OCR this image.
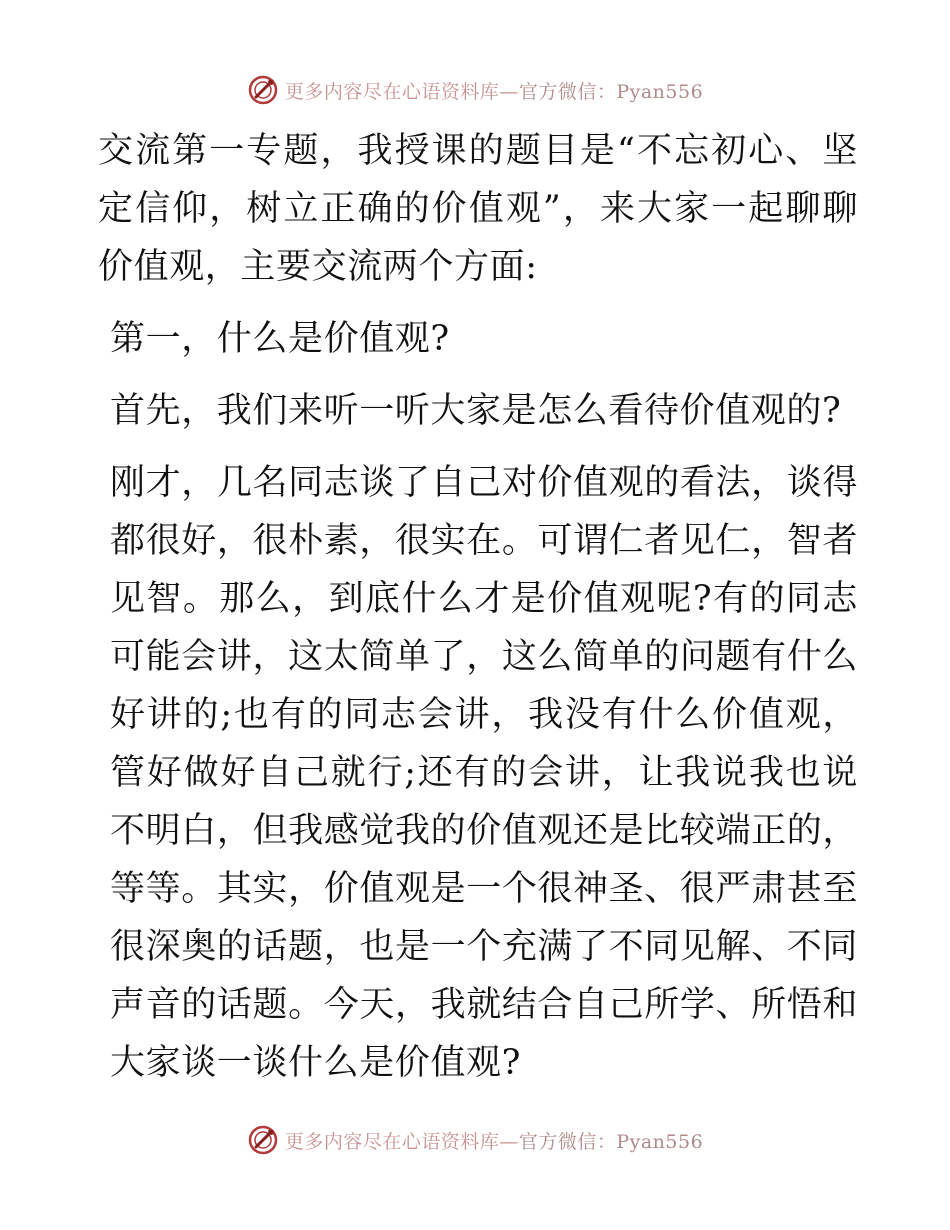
更多内容尽在心语资料库—官方微信：Pyan556

交流第一专题，我授课的题目是“不忘初心、坚定信仰，树立正确的价值观”，来大家一起聊聊价值观，主要交流两个方面:

第一，什么是价值观?

首先，我们来听一听大家是怎么看待价值观的?

刚才，几名同志谈了自己对价值观的看法，谈得都很好，很朴素，很实在。可谓仁者见仁，智者见智。那么，到底什么才是价值观呢?有的同志可能会讲，这太简单了，这么简单的问题有什么好讲的;也有的同志会讲，我没有什么价值观，管好做好自己就行;还有的会讲，让我说我也说不明白，但我感觉我的价值观还是比较端正的，等等。其实，价值观是一个很神圣、很严肃甚至很深奥的话题，也是一个充满了不同见解、不同声音的话题。今天，我就结合自己所学、所悟和大家谈一谈什么是价值观?

更多内容尽在心语资料库—官方微信：Pyan556
